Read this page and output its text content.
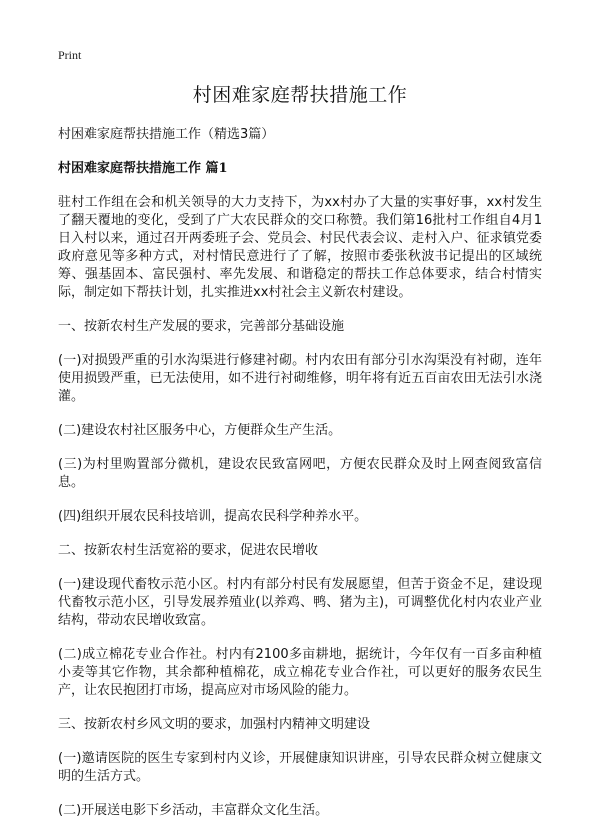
Print
村困难家庭帮扶措施工作
村困难家庭帮扶措施工作（精选3篇）
村困难家庭帮扶措施工作 篇1

驻村工作组在会和机关领导的大力支持下，为xx村办了大量的实事好事，xx村发生了翻天覆地的变化，受到了广大农民群众的交口称赞。我们第16批村工作组自4月1日入村以来，通过召开两委班子会、党员会、村民代表会议、走村入户、征求镇党委政府意见等多种方式，对村情民意进行了了解，按照市委张秋波书记提出的区域统筹、强基固本、富民强村、率先发展、和谐稳定的帮扶工作总体要求，结合村情实际，制定如下帮扶计划，扎实推进xx村社会主义新农村建设。

一、按新农村生产发展的要求，完善部分基础设施

(一)对损毁严重的引水沟渠进行修建衬砌。村内农田有部分引水沟渠没有衬砌，连年使用损毁严重，已无法使用，如不进行衬砌维修，明年将有近五百亩农田无法引水浇灌。

(二)建设农村社区服务中心，方便群众生产生活。

(三)为村里购置部分微机，建设农民致富网吧，方便农民群众及时上网查阅致富信息。

(四)组织开展农民科技培训，提高农民科学种养水平。

二、按新农村生活宽裕的要求，促进农民增收

(一)建设现代畜牧示范小区。村内有部分村民有发展愿望，但苦于资金不足，建设现代畜牧示范小区，引导发展养殖业(以养鸡、鸭、猪为主)，可调整优化村内农业产业结构，带动农民增收致富。

(二)成立棉花专业合作社。村内有2100多亩耕地，据统计，今年仅有一百多亩种植小麦等其它作物，其余都种植棉花，成立棉花专业合作社，可以更好的服务农民生产，让农民抱团打市场，提高应对市场风险的能力。

三、按新农村乡风文明的要求，加强村内精神文明建设

(一)邀请医院的医生专家到村内义诊，开展健康知识讲座，引导农民群众树立健康文明的生活方式。

(二)开展送电影下乡活动，丰富群众文化生活。
